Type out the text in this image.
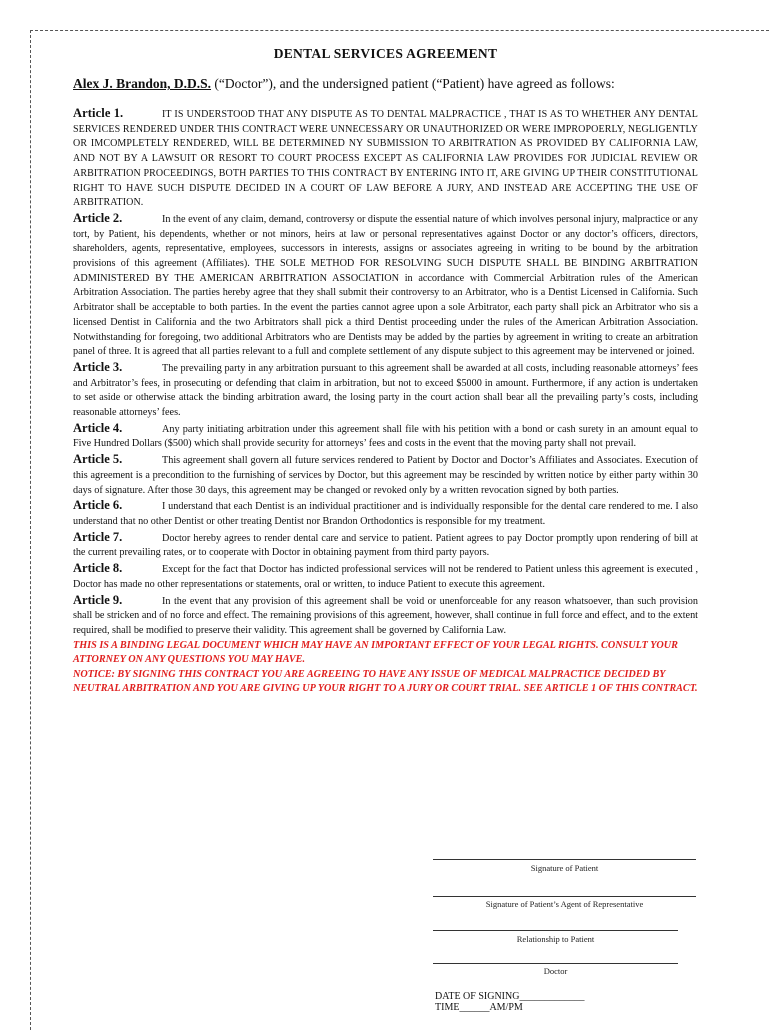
DENTAL SERVICES AGREEMENT

Alex J. Brandon, D.D.S. (“Doctor”), and the undersigned patient (“Patient) have agreed as follows:

Article 1.	IT IS UNDERSTOOD THAT ANY DISPUTE AS TO DENTAL MALPRACTICE , THAT IS AS TO WHETHER ANY DENTAL SERVICES RENDERED UNDER THIS CONTRACT WERE UNNECESSARY OR UNAUTHORIZED OR WERE IMPROPOERLY, NEGLIGENTLY OR IMCOMPLETELY RENDERED, WILL BE DETERMINED NY SUBMISSION TO ARBITRATION AS PROVIDED BY CALIFORNIA LAW, AND NOT BY A LAWSUIT OR RESORT TO COURT PROCESS EXCEPT AS CALIFORNIA LAW PROVIDES FOR JUDICIAL REVIEW OR ARBITRATION PROCEEDINGS, BOTH PARTIES TO THIS CONTRACT BY ENTERING INTO IT, ARE GIVING UP THEIR CONSTITUTIONAL RIGHT TO HAVE SUCH DISPUTE DECIDED IN A COURT OF LAW BEFORE A JURY, AND INSTEAD ARE ACCEPTING THE USE OF ARBITRATION.

Article 2.	In the event of any claim, demand, controversy or dispute the essential nature of which involves personal injury, malpractice or any tort, by Patient, his dependents, whether or not minors, heirs at law or personal representatives against Doctor or any doctor’s officers, directors, shareholders, agents, representative, employees, successors in interests, assigns or associates agreeing in writing to be bound by the arbitration provisions of this agreement (Affiliates). THE SOLE METHOD FOR RESOLVING SUCH DISPUTE SHALL BE BINDING ARBITRATION ADMINISTERED BY THE AMERICAN ARBITRATION ASSOCIATION in accordance with Commercial Arbitration rules of the American Arbitration Association. The parties hereby agree that they shall submit their controversy to an Arbitrator, who is a Dentist Licensed in California. Such Arbitrator shall be acceptable to both parties. In the event the parties cannot agree upon a sole Arbitrator, each party shall pick an Arbitrator who sis a licensed Dentist in California and the two Arbitrators shall pick a third Dentist proceeding under the rules of the American Arbitration Association. Notwithstanding for foregoing, two additional Arbitrators who are Dentists may be added by the parties by agreement in writing to create an arbitration panel of three. It is agreed that all parties relevant to a full and complete settlement of any dispute subject to this agreement may be intervened or joined.

Article 3.	The prevailing party in any arbitration pursuant to this agreement shall be awarded at all costs, including reasonable attorneys’ fees and Arbitrator’s fees, in prosecuting or defending that claim in arbitration, but not to exceed $5000 in amount. Furthermore, if any action is undertaken to set aside or otherwise attack the binding arbitration award, the losing party in the court action shall bear all the prevailing party’s costs, including reasonable attorneys’ fees.

Article 4.	Any party initiating arbitration under this agreement shall file with his petition with a bond or cash surety in an amount equal to Five Hundred Dollars ($500) which shall provide security for attorneys’ fees and costs in the event that the moving party shall not prevail.

Article 5.	This agreement shall govern all future services rendered to Patient by Doctor and Doctor’s Affiliates and Associates. Execution of this agreement is a precondition to the furnishing of services by Doctor, but this agreement may be rescinded by written notice by either party within 30 days of signature. After those 30 days, this agreement may be changed or revoked only by a written revocation signed by both parties.

Article 6.	I understand that each Dentist is an individual practitioner and is individually responsible for the dental care rendered to me. I also understand that no other Dentist or other treating Dentist nor Brandon Orthodontics is responsible for my treatment.

Article 7.	Doctor hereby agrees to render dental care and service to patient. Patient agrees to pay Doctor promptly upon rendering of bill at the current prevailing rates, or to cooperate with Doctor in obtaining payment from third party payors.

Article 8.	Except for the fact that Doctor has indicted professional services will not be rendered to Patient unless this agreement is executed , Doctor has made no other representations or statements, oral or written, to induce Patient to execute this agreement.

Article 9.	In the event that any provision of this agreement shall be void or unenforceable for any reason whatsoever, than such provision shall be stricken and of no force and effect. The remaining provisions of this agreement, however, shall continue in full force and effect, and to the extent required, shall be modified to preserve their validity. This agreement shall be governed by California Law.

THIS IS A BINDING LEGAL DOCUMENT WHICH MAY HAVE AN IMPORTANT EFFECT OF YOUR LEGAL RIGHTS. CONSULT YOUR ATTORNEY ON ANY QUESTIONS YOU MAY HAVE.

NOTICE: BY SIGNING THIS CONTRACT YOU ARE AGREEING TO HAVE ANY ISSUE OF MEDICAL MALPRACTICE DECIDED BY NEUTRAL ARBITRATION AND YOU ARE GIVING UP YOUR RIGHT TO A JURY OR COURT TRIAL. SEE ARTICLE 1 OF THIS CONTRACT.

Signature of Patient
Signature of Patient’s Agent of Representative
Relationship to Patient
Doctor
DATE OF SIGNING_____________ TIME______AM/PM
